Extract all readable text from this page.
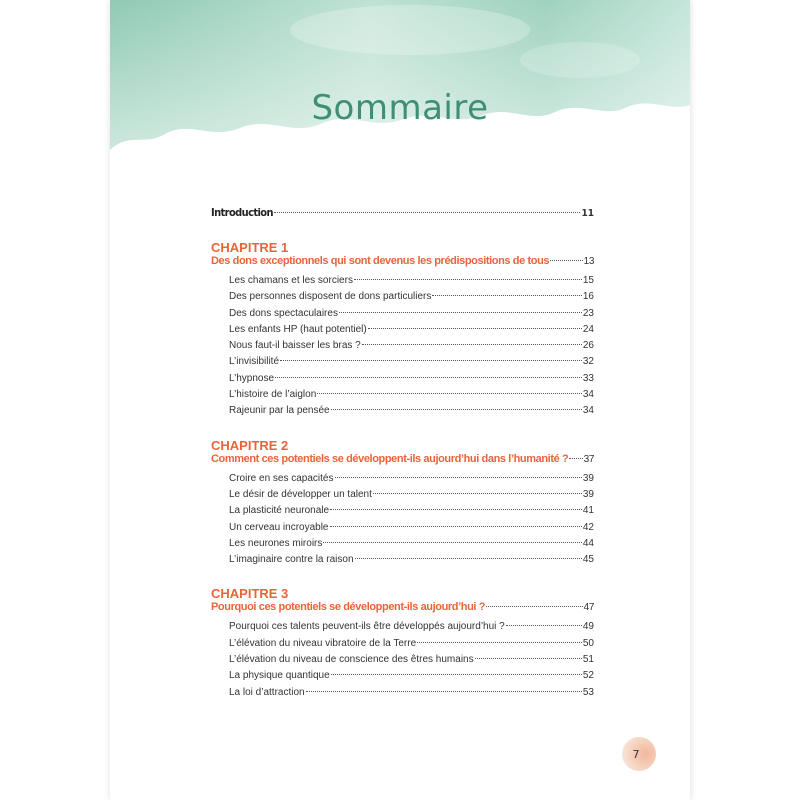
Sommaire
Introduction	11
CHAPITRE 1
Des dons exceptionnels qui sont devenus les prédispositions de tous	13
Les chamans et les sorciers	15
Des personnes disposent de dons particuliers	16
Des dons spectaculaires	23
Les enfants HP (haut potentiel)	24
Nous faut-il baisser les bras ?	26
L’invisibilité	32
L’hypnose	33
L’histoire de l’aiglon	34
Rajeunir par la pensée	34
CHAPITRE 2
Comment ces potentiels se développent-ils aujourd’hui dans l’humanité ? 37
Croire en ses capacités	39
Le désir de développer un talent	39
La plasticité neuronale	41
Un cerveau incroyable	42
Les neurones miroirs	44
L’imaginaire contre la raison	45
CHAPITRE 3
Pourquoi ces potentiels se développent-ils aujourd’hui ?	47
Pourquoi ces talents peuvent-ils être développés aujourd’hui ?	49
L’élévation du niveau vibratoire de la Terre	50
L’élévation du niveau de conscience des êtres humains	51
La physique quantique	52
La loi d’attraction	53
7
